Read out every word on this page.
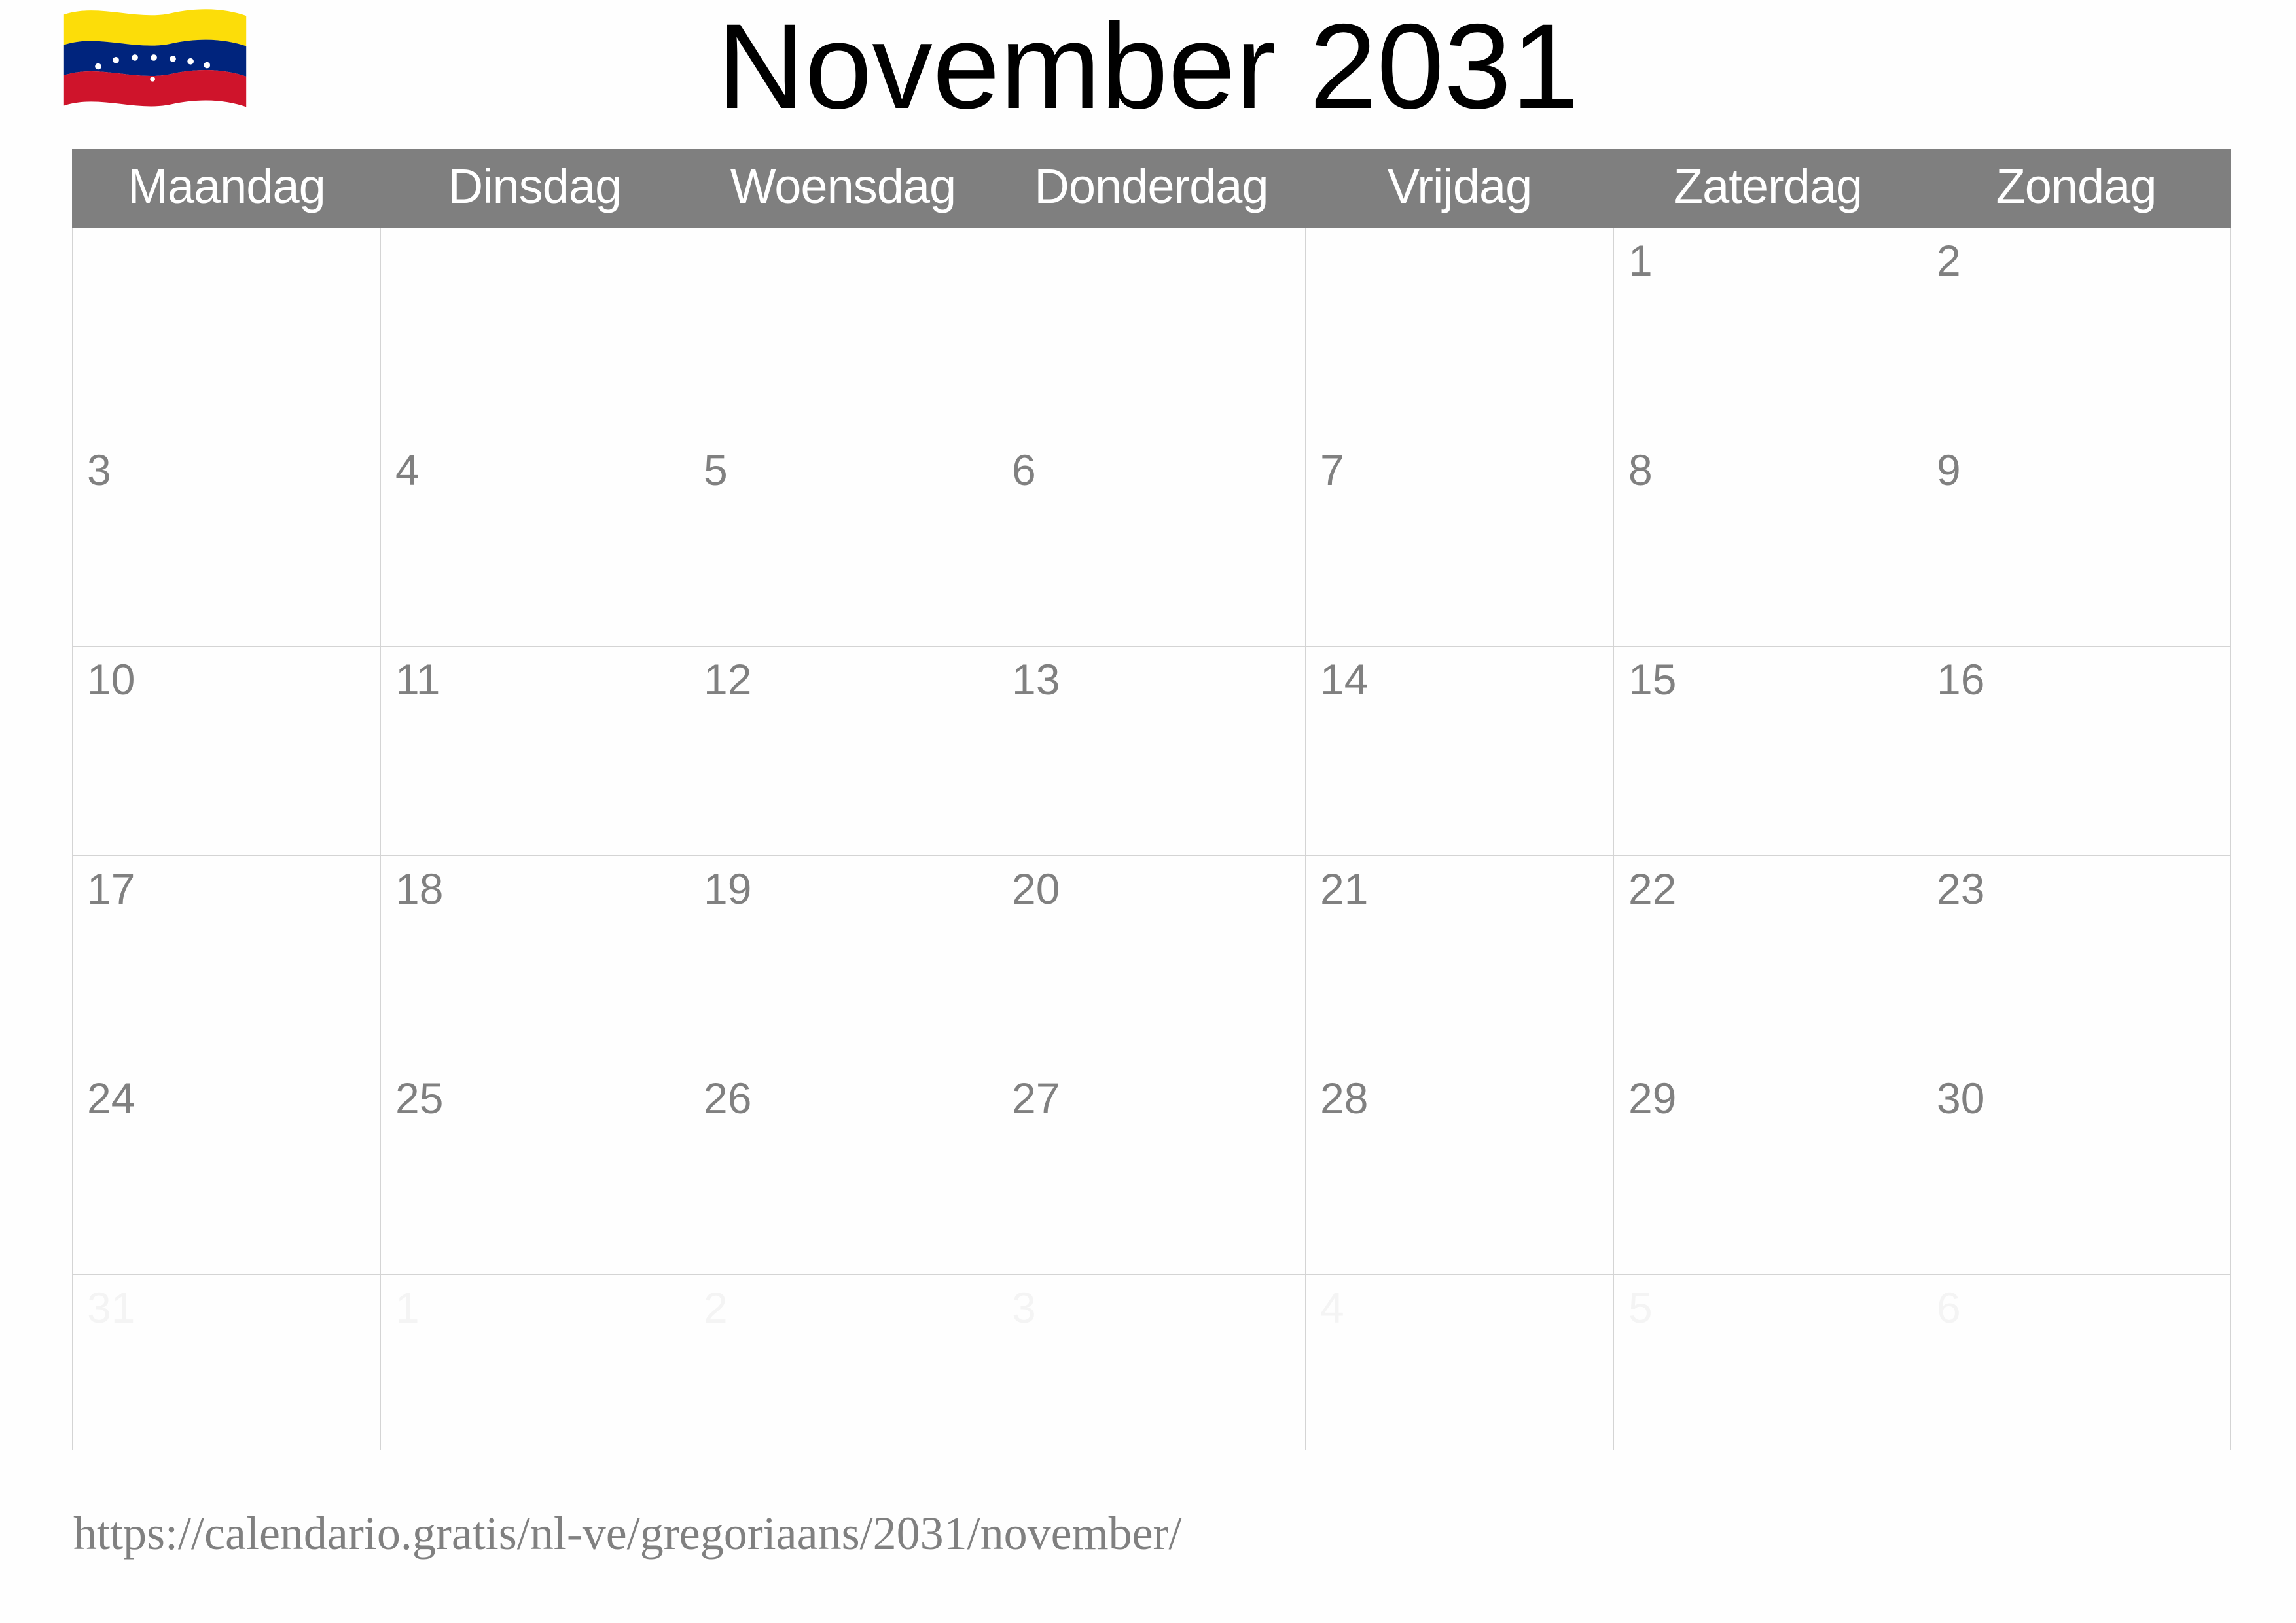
November 2031
Maandag	Dinsdag	Woensdag	Donderdag	Vrijdag	Zaterdag	Zondag
					1	2
3	4	5	6	7	8	9
10	11	12	13	14	15	16
17	18	19	20	21	22	23
24	25	26	27	28	29	30
31	1	2	3	4	5	6
https://calendario.gratis/nl-ve/gregoriaans/2031/november/
